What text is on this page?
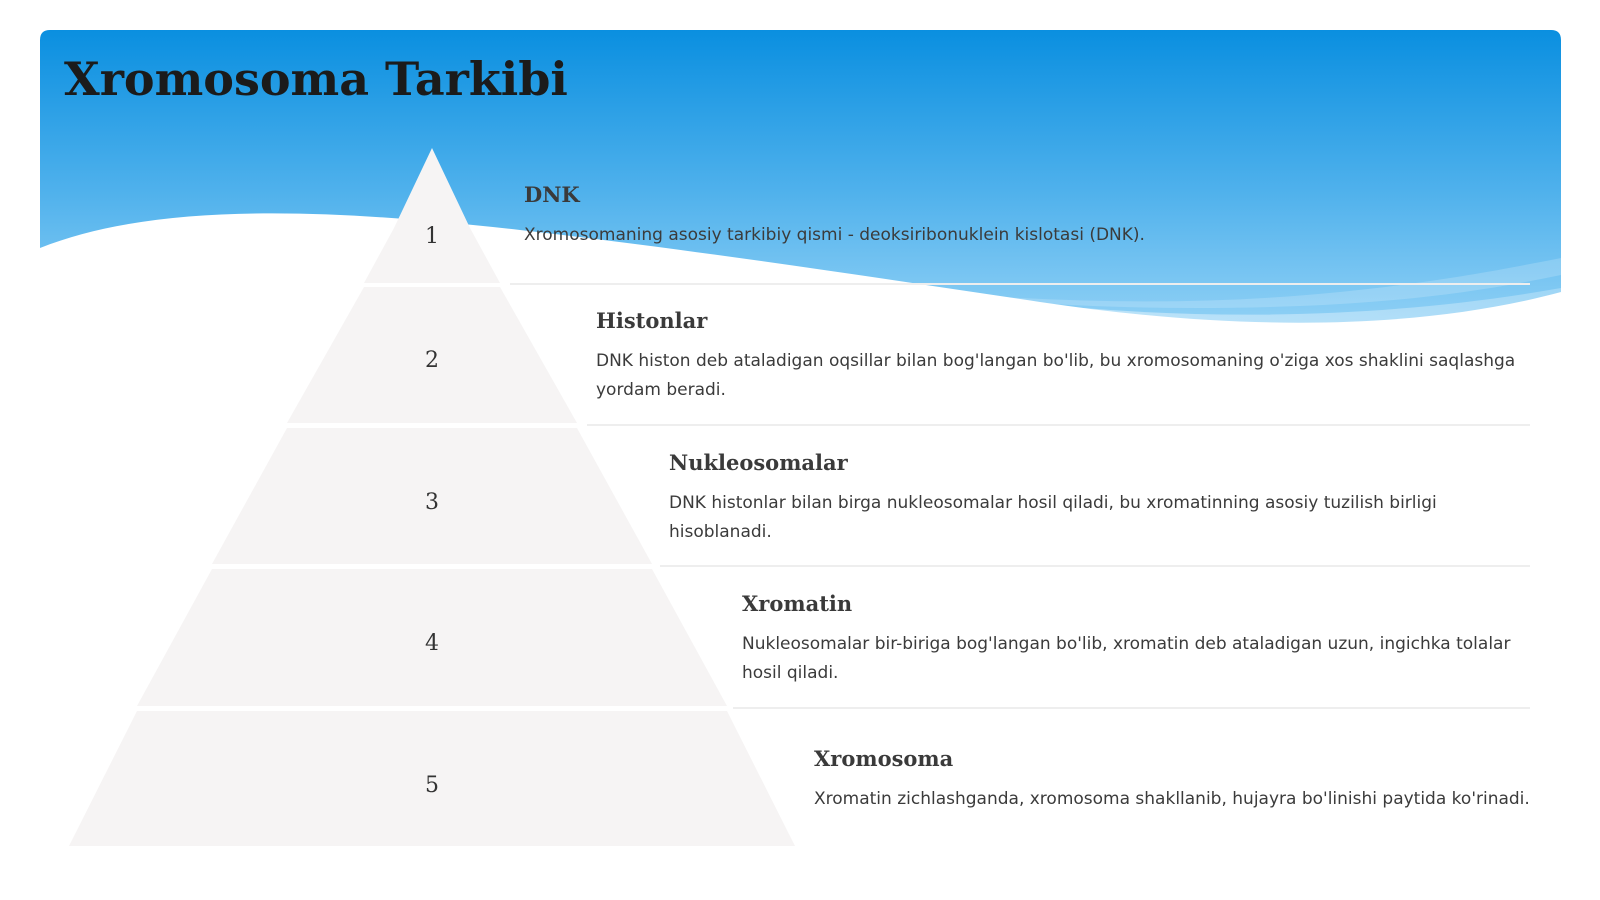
Xromosoma Tarkibi
1
2
3
4
5
DNK
Xromosomaning asosiy tarkibiy qismi - deoksiribonuklein kislotasi (DNK).
Histonlar
DNK histon deb ataladigan oqsillar bilan bog'langan bo'lib, bu xromosomaning o'ziga xos shaklini saqlashga yordam beradi.
Nukleosomalar
DNK histonlar bilan birga nukleosomalar hosil qiladi, bu xromatinning asosiy tuzilish birligi hisoblanadi.
Xromatin
Nukleosomalar bir-biriga bog'langan bo'lib, xromatin deb ataladigan uzun, ingichka tolalar hosil qiladi.
Xromosoma
Xromatin zichlashganda, xromosoma shakllanib, hujayra bo'linishi paytida ko'rinadi.
